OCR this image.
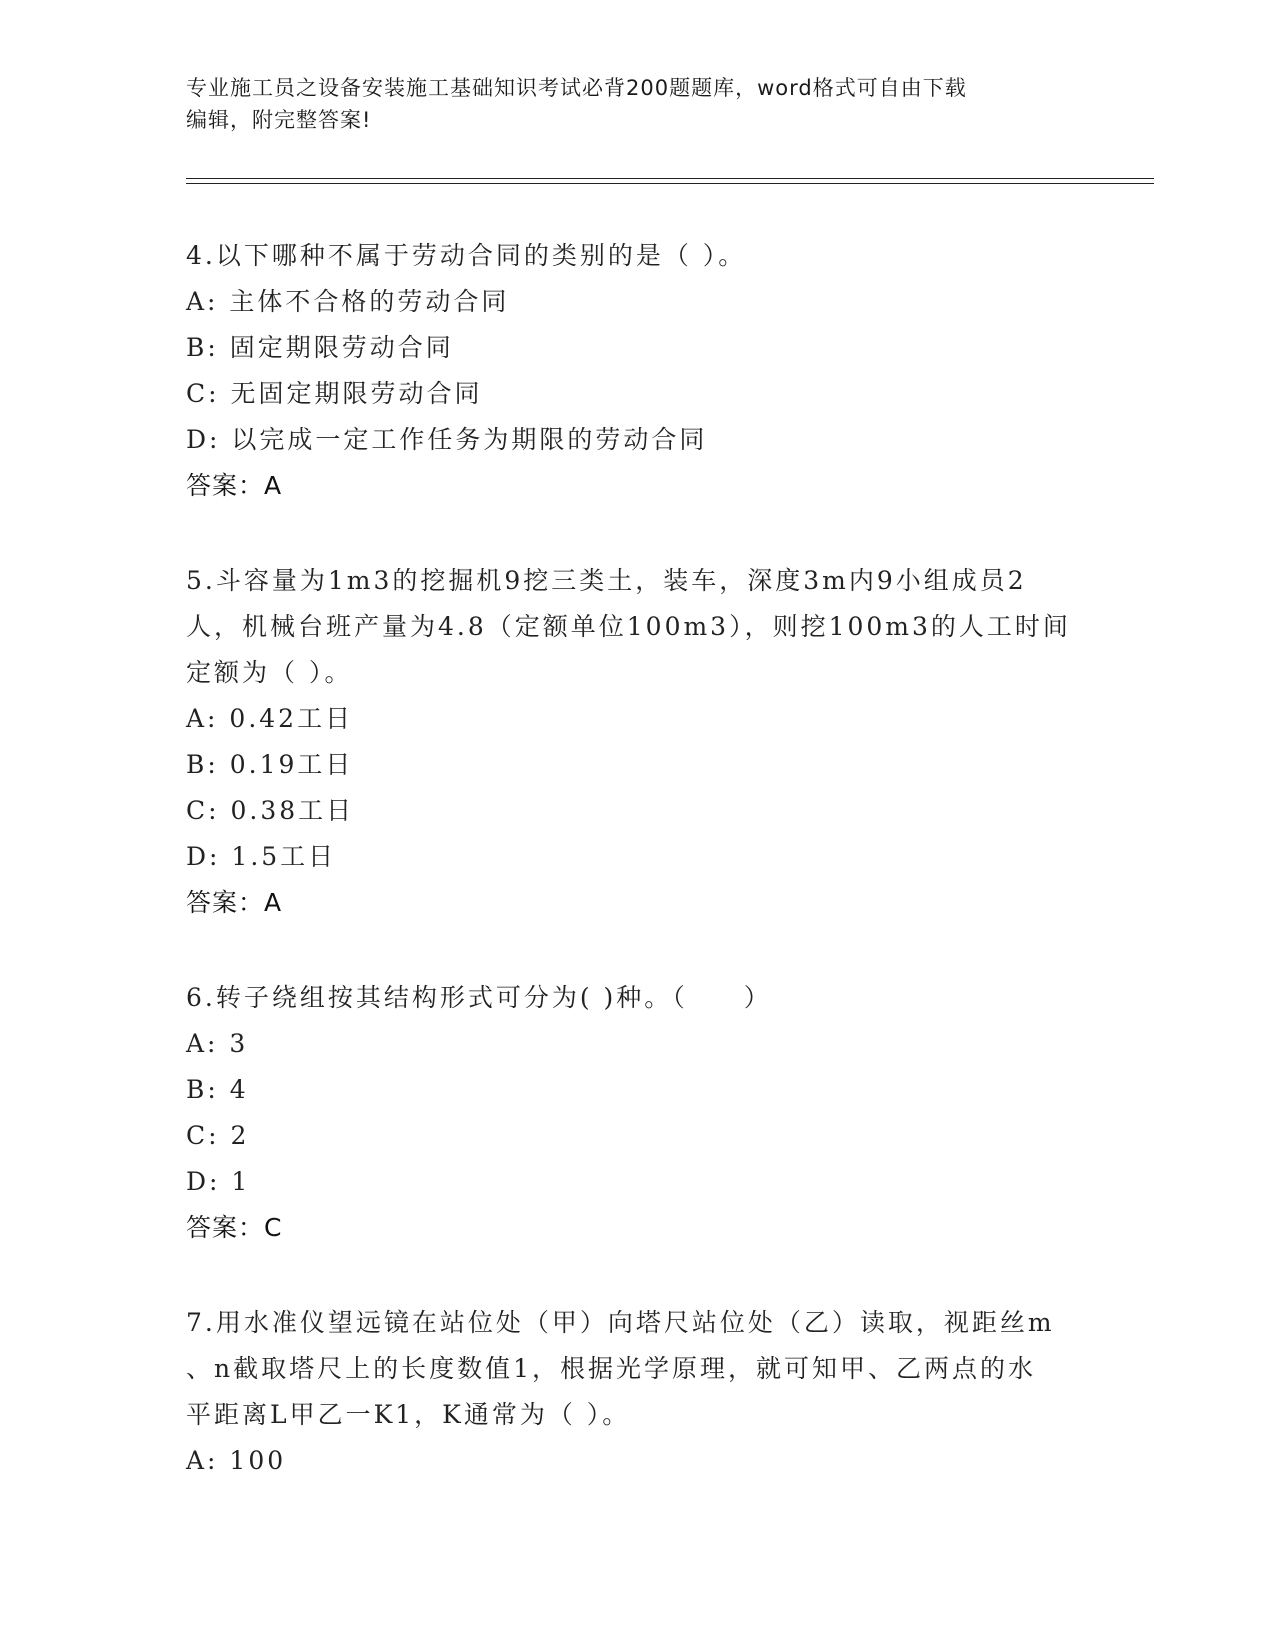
专业施工员之设备安装施工基础知识考试必背200题题库，word格式可自由下载

编辑，附完整答案!

4.以下哪种不属于劳动合同的类别的是（ ）。
A: 主体不合格的劳动合同
B: 固定期限劳动合同
C: 无固定期限劳动合同
D: 以完成一定工作任务为期限的劳动合同
答案：A
5.斗容量为1m3的挖掘机9挖三类土，装车，深度3m内9小组成员2
人，机械台班产量为4.8（定额单位100m3），则挖100m3的人工时间
定额为（ ）。
A: 0.42工日
B: 0.19工日
C: 0.38工日
D: 1.5工日
答案：A
6.转子绕组按其结构形式可分为( )种。（　　）
A: 3
B: 4
C: 2
D: 1
答案：C
7.用水准仪望远镜在站位处（甲）向塔尺站位处（乙）读取，视距丝m
、n截取塔尺上的长度数值1，根据光学原理，就可知甲、乙两点的水
平距离L甲乙一K1，K通常为（ ）。
A: 100
